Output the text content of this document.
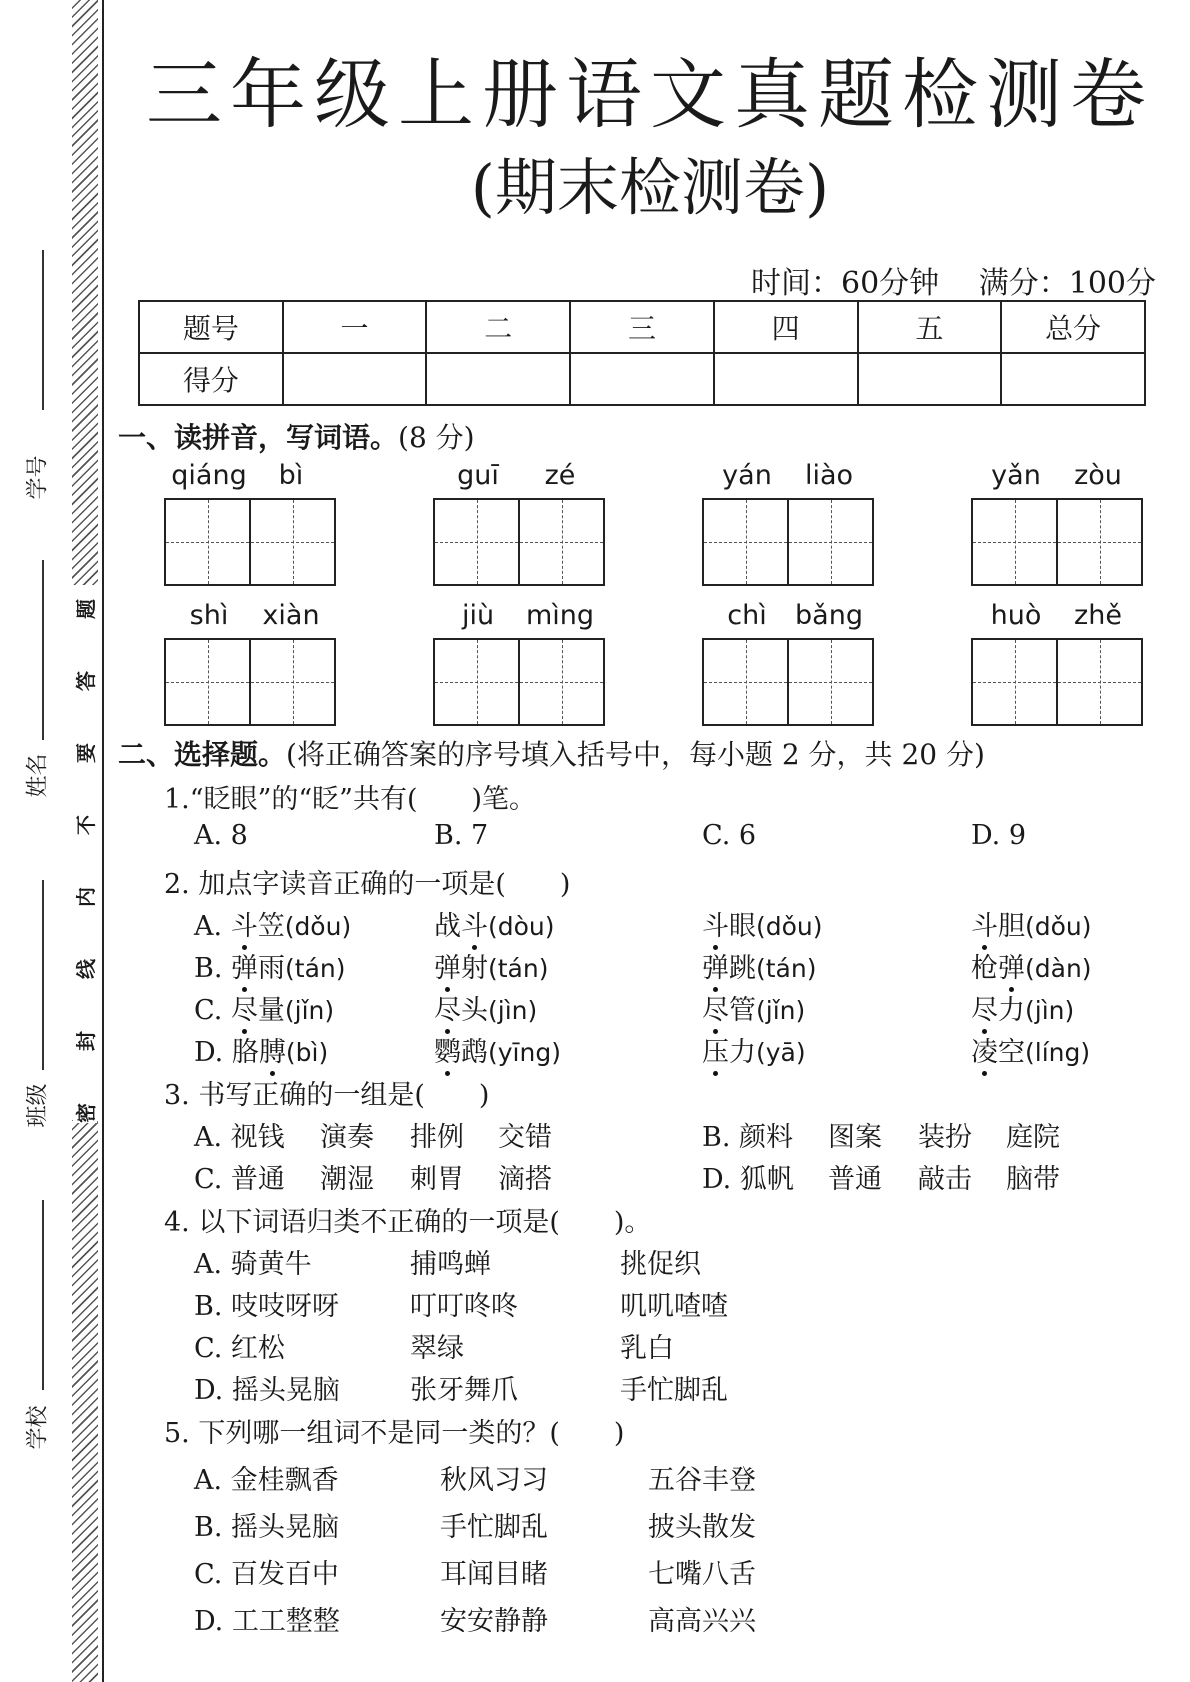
学号
姓名
班级
学校
密
封
线
内
不
要
答
题
三年级上册语文真题检测卷
(期末检测卷)
时间：60分钟 满分：100分
题号	一	二	三	四	五	总分
得分						
一、读拼音，写词语。(8 分)
qiáng	bì	guī	zé	yán	liào	yǎn	zòu
shì	xiàn	jiù	mìng	chì	bǎng	huò	zhě
二、选择题。(将正确答案的序号填入括号中，每小题 2 分，共 20 分)
1.“眨眼”的“眨”共有(　　)笔。
A. 8	B. 7	C. 6	D. 9
2. 加点字读音正确的一项是(　　)
A. 斗笠(dǒu)	战斗(dòu)	斗眼(dǒu)	斗胆(dǒu)
B. 弹雨(tán)	弹射(tán)	弹跳(tán)	枪弹(dàn)
C. 尽量(jǐn)	尽头(jìn)	尽管(jǐn)	尽力(jìn)
D. 胳膊(bì)	鹦鹉(yīng)	压力(yā)	凌空(líng)
3. 书写正确的一组是(　　)
A. 视钱 演奏 排例 交错	B. 颜料 图案 装扮 庭院
C. 普通 潮湿 刺胃 滴搭	D. 狐帆 普通 敲击 脑带
4. 以下词语归类不正确的一项是(　　)。
A. 骑黄牛	捕鸣蝉	挑促织
B. 吱吱呀呀	叮叮咚咚	叽叽喳喳
C. 红松	翠绿	乳白
D. 摇头晃脑	张牙舞爪	手忙脚乱
5. 下列哪一组词不是同一类的？(　　)
A. 金桂飘香	秋风习习	五谷丰登
B. 摇头晃脑	手忙脚乱	披头散发
C. 百发百中	耳闻目睹	七嘴八舌
D. 工工整整	安安静静	高高兴兴
